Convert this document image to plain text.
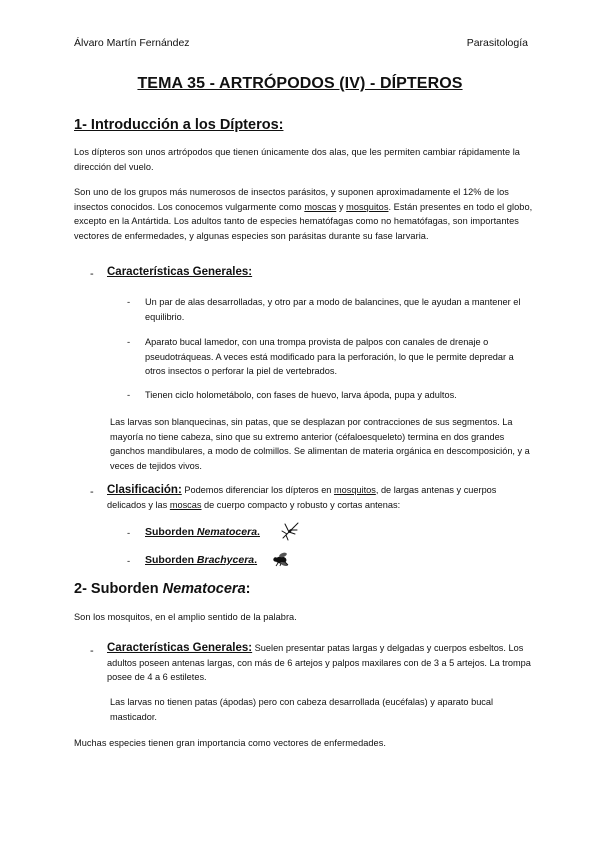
Álvaro Martín Fernández	Parasitología
TEMA 35 - ARTRÓPODOS (IV) - DÍPTEROS
1- Introducción a los Dípteros:
Los dípteros son unos artrópodos que tienen únicamente dos alas, que les permiten cambiar rápidamente la dirección del vuelo.
Son uno de los grupos más numerosos de insectos parásitos, y suponen aproximadamente el 12% de los insectos conocidos. Los conocemos vulgarmente como moscas y mosquitos. Están presentes en todo el globo, excepto en la Antártida. Los adultos tanto de especies hematófagas como no hematófagas, son importantes vectores de enfermedades, y algunas especies son parásitas durante su fase larvaria.
- Características Generales:
- Un par de alas desarrolladas, y otro par a modo de balancines, que le ayudan a mantener el equilibrio.
- Aparato bucal lamedor, con una trompa provista de palpos con canales de drenaje o pseudotráqueas. A veces está modificado para la perforación, lo que le permite depredar a otros insectos o perforar la piel de vertebrados.
- Tienen ciclo holometábolo, con fases de huevo, larva ápoda, pupa y adultos.
Las larvas son blanquecinas, sin patas, que se desplazan por contracciones de sus segmentos. La mayoría no tiene cabeza, sino que su extremo anterior (céfaloesqueleto) termina en dos grandes ganchos mandibulares, a modo de colmillos. Se alimentan de materia orgánica en descomposición, y a veces de tejidos vivos.
- Clasificación: Podemos diferenciar los dípteros en mosquitos, de largas antenas y cuerpos delicados y las moscas de cuerpo compacto y robusto y cortas antenas:
- Suborden Nematocera.
- Suborden Brachycera.
2- Suborden Nematocera:
Son los mosquitos, en el amplio sentido de la palabra.
- Características Generales: Suelen presentar patas largas y delgadas y cuerpos esbeltos. Los adultos poseen antenas largas, con más de 6 artejos y palpos maxilares con de 3 a 5 artejos. La trompa posee de 4 a 6 estiletes.
Las larvas no tienen patas (ápodas) pero con cabeza desarrollada (eucéfalas) y aparato bucal masticador.
Muchas especies tienen gran importancia como vectores de enfermedades.
